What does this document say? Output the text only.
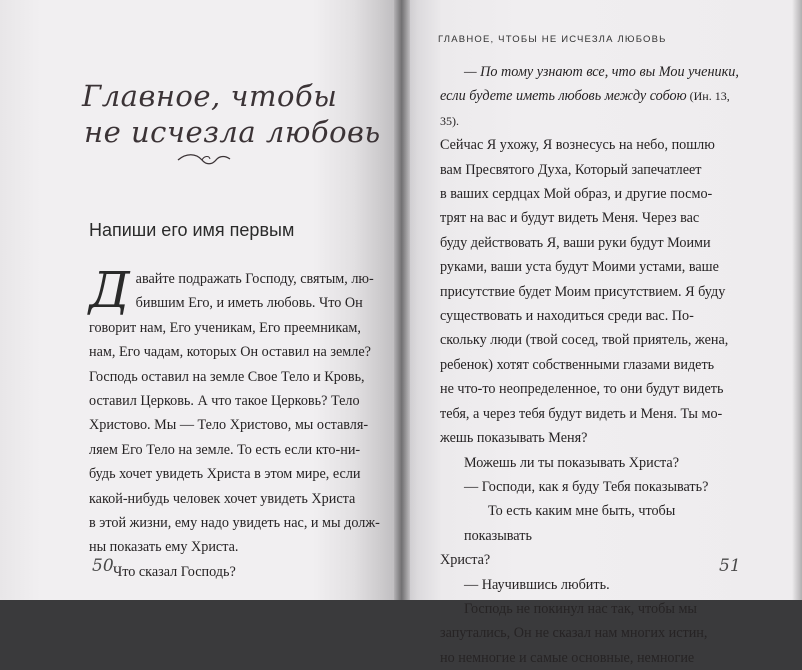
Главное, чтобы
не исчезла любовь
Напиши его имя первым

Д авайте подражать Господу, святым, лю-
бившим Его, и иметь любовь. Что Он
говорит нам, Его ученикам, Его преемникам,
нам, Его чадам, которых Он оставил на земле?
Господь оставил на земле Свое Тело и Кровь,
оставил Церковь. А что такое Церковь? Тело
Христово. Мы — Тело Христово, мы оставля-
ляем Его Тело на земле. То есть если кто-ни-
будь хочет увидеть Христа в этом мире, если
какой-нибудь человек хочет увидеть Христа
в этой жизни, ему надо увидеть нас, и мы долж-
ны показать ему Христа.

Что сказал Господь?

50
ГЛАВНОЕ, ЧТОБЫ НЕ ИСЧЕЗЛА ЛЮБОВЬ

— По тому узнают все, что вы Мои ученики,

если будете иметь любовь между собою (Ин. 13, 35).

Сейчас Я ухожу, Я вознесусь на небо, пошлю
вам Пресвятого Духа, Который запечатлеет
в ваших сердцах Мой образ, и другие посмо-
трят на вас и будут видеть Меня. Через вас
буду действовать Я, ваши руки будут Моими
руками, ваши уста будут Моими устами, ваше
присутствие будет Моим присутствием. Я буду
существовать и находиться среди вас. По-
скольку люди (твой сосед, твой приятель, жена,
ребенок) хотят собственными глазами видеть
не что-то неопределенное, то они будут видеть
тебя, а через тебя будут видеть и Меня. Ты мо-
жешь показывать Меня?

Можешь ли ты показывать Христа?

— Господи, как я буду Тебя показывать?

То есть каким мне быть, чтобы показывать
Христа?

— Научившись любить.

Господь не покинул нас так, чтобы мы
запутались, Он не сказал нам многих истин,
но немногие и самые основные, немногие

51
